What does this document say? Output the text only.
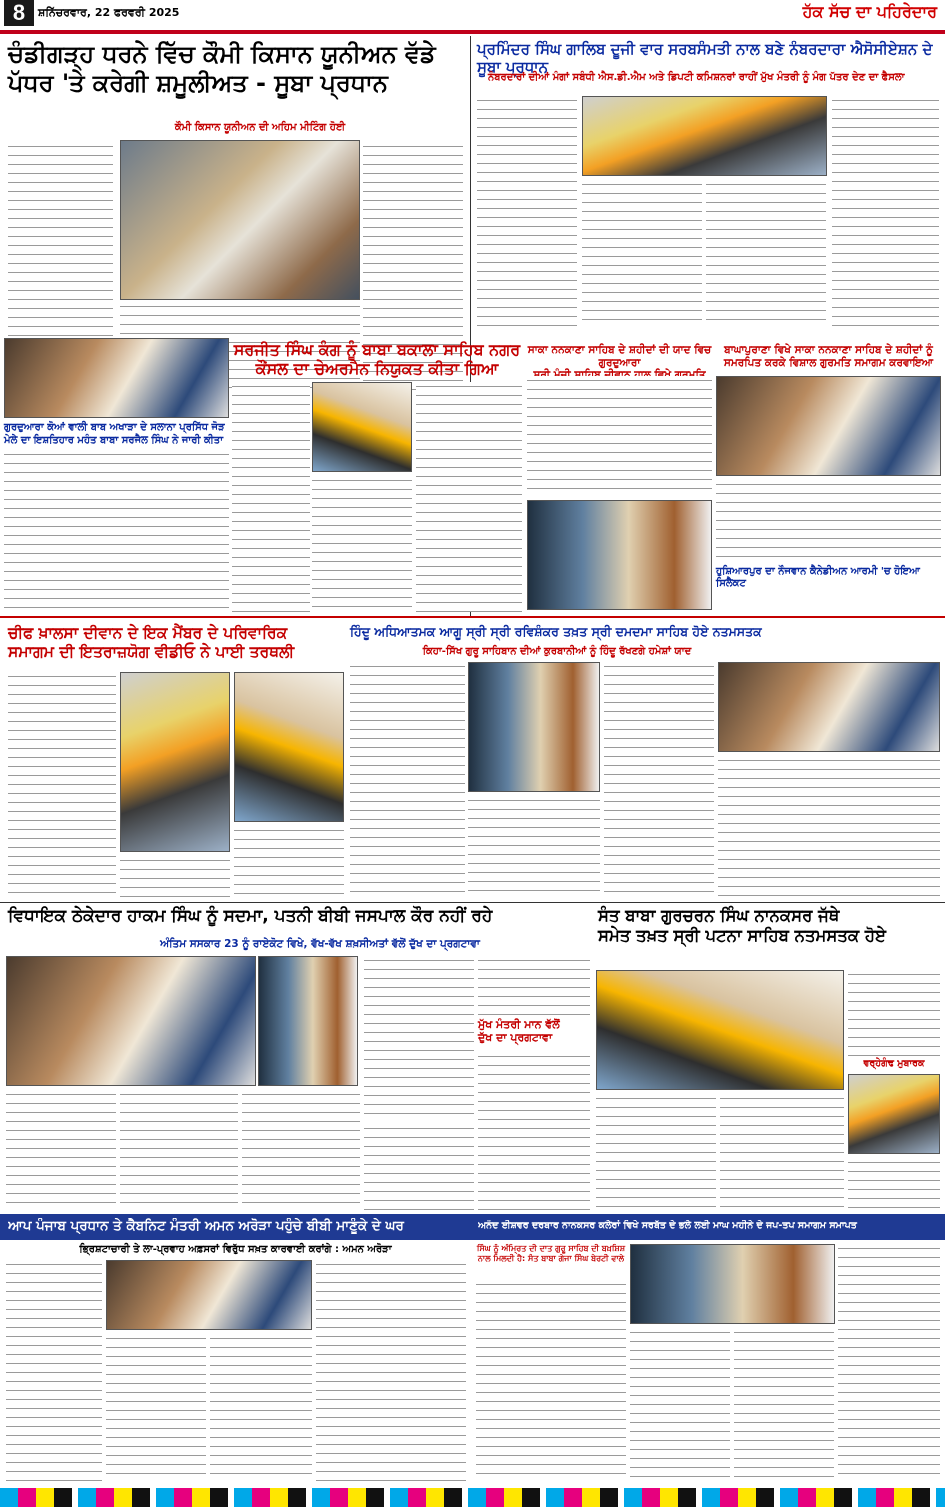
8	ਸ਼ਨਿੱਚਰਵਾਰ, 22 ਫਰਵਰੀ 2025	ਹੱਕ ਸੱਚ ਦਾ ਪਹਿਰੇਦਾਰ
ਚੰਡੀਗੜ੍ਹ ਧਰਨੇ ਵਿੱਚ ਕੌਮੀ ਕਿਸਾਨ ਯੂਨੀਅਨ ਵੱਡੇ
ਪੱਧਰ 'ਤੇ ਕਰੇਗੀ ਸ਼ਮੂਲੀਅਤ - ਸੂਬਾ ਪ੍ਰਧਾਨ
ਕੌਮੀ ਕਿਸਾਨ ਯੂਨੀਅਨ ਦੀ ਅਹਿਮ ਮੀਟਿੰਗ ਹੋਈ
ਪ੍ਰਮਿੰਦਰ ਸਿੰਘ ਗਾਲਿਬ ਦੂਜੀ ਵਾਰ ਸਰਬਸੰਮਤੀ ਨਾਲ ਬਣੇ ਨੰਬਰਦਾਰਾ ਐਸੋਸੀਏਸ਼ਨ ਦੇ ਸੂਬਾ ਪ੍ਰਧਾਨ
ਨੰਬਰਦਾਰਾਂ ਦੀਆਂ ਮੰਗਾਂ ਸਬੰਧੀ ਐਸ.ਡੀ.ਐਮ ਅਤੇ ਡਿਪਟੀ ਕਮਿਸ਼ਨਰਾਂ ਰਾਹੀਂ ਮੁੱਖ ਮੰਤਰੀ ਨੂੰ ਮੰਗ ਪੱਤਰ ਦੇਣ ਦਾ ਫੈਸਲਾ
ਗੁਰਦੁਆਰਾ ਕੋਆਂ ਵਾਲੀ ਬਾਬ ਅਖਾੜਾ ਦੇ ਸਲਾਨਾ ਪ੍ਰਸਿੱਧ ਜੋੜ
ਮੇਲੇ ਦਾ ਇਸ਼ਤਿਹਾਰ ਮਹੰਤ ਬਾਬਾ ਸਰਜੈਲ ਸਿੰਘ ਨੇ ਜਾਰੀ ਕੀਤਾ
ਸਰਜੀਤ ਸਿੰਘ ਕੰਗ ਨੂੰ ਬਾਬਾ ਬਕਾਲਾ ਸਾਹਿਬ ਨਗਰ
ਕੌਂਸਲ ਦਾ ਚੇਅਰਮੈਨ ਨਿਯੁਕਤ ਕੀਤਾ ਗਿਆ
ਸਾਕਾ ਨਨਕਾਣਾ ਸਾਹਿਬ ਦੇ ਸ਼ਹੀਦਾਂ ਦੀ ਯਾਦ ਵਿਚ ਗੁਰਦੁਆਰਾ
ਬਾਘਾਪੁਰਾਣਾ ਵਿਖੇ ਸਾਕਾ ਨਨਕਾਣਾ ਸਾਹਿਬ ਦੇ ਸ਼ਹੀਦਾਂ ਨੂੰ
ਸਮਰਪਿਤ ਕਰਕੇ ਵਿਸ਼ਾਲ ਗੁਰਮਤਿ ਸਮਾਗਮ ਕਰਵਾਇਆ
ਹੁਸ਼ਿਆਰਪੁਰ ਦਾ ਨੌਜਵਾਨ ਕੈਨੇਡੀਅਨ ਆਰਮੀ 'ਚ ਹੋਇਆ ਸਿਲੈਕਟ
ਚੀਫ ਖ਼ਾਲਸਾ ਦੀਵਾਨ ਦੇ ਇਕ ਮੈਂਬਰ ਦੇ ਪਰਿਵਾਰਿਕ
ਸਮਾਗਮ ਦੀ ਇਤਰਾਜ਼ਯੋਗ ਵੀਡੀਓ ਨੇ ਪਾਈ ਤਰਥਲੀ
ਹਿੰਦੂ ਅਧਿਆਤਮਕ ਆਗੂ ਸ੍ਰੀ ਸ੍ਰੀ ਰਵਿਸ਼ੰਕਰ ਤਖ਼ਤ ਸ੍ਰੀ ਦਮਦਮਾ ਸਾਹਿਬ ਹੋਏ ਨਤਮਸਤਕ
ਕਿਹਾ-ਸਿੱਖ ਗੁਰੂ ਸਾਹਿਬਾਨ ਦੀਆਂ ਕੁਰਬਾਨੀਆਂ ਨੂੰ ਹਿੰਦੂ ਰੱਖਣਗੇ ਹਮੇਸ਼ਾਂ ਯਾਦ
ਵਿਧਾਇਕ ਠੇਕੇਦਾਰ ਹਾਕਮ ਸਿੰਘ ਨੂੰ ਸਦਮਾ, ਪਤਨੀ ਬੀਬੀ ਜਸਪਾਲ ਕੌਰ ਨਹੀਂ ਰਹੇ
ਅੰਤਿਮ ਸਸਕਾਰ 23 ਨੂੰ ਰਾਏਕੋਟ ਵਿਖੇ, ਵੱਖ-ਵੱਖ ਸ਼ਖ਼ਸੀਅਤਾਂ ਵੱਲੋਂ ਦੁੱਖ ਦਾ ਪ੍ਰਗਟਾਵਾ
ਮੁੱਖ ਮੰਤਰੀ ਮਾਨ ਵੱਲੋਂ
ਦੁੱਖ ਦਾ ਪ੍ਰਗਟਾਵਾ
ਸੰਤ ਬਾਬਾ ਗੁਰਚਰਨ ਸਿੰਘ ਨਾਨਕਸਰ ਜੱਥੇ
ਸਮੇਤ ਤਖ਼ਤ ਸ੍ਰੀ ਪਟਨਾ ਸਾਹਿਬ ਨਤਮਸਤਕ ਹੋਏ
ਵਰ੍ਹੇਗੰਢ ਮੁਬਾਰਕ
ਆਪ ਪੰਜਾਬ ਪ੍ਰਧਾਨ ਤੇ ਕੈਬਨਿਟ ਮੰਤਰੀ ਅਮਨ ਅਰੋੜਾ ਪਹੁੰਚੇ ਬੀਬੀ ਮਾਣੂੰਕੇ ਦੇ ਘਰ	ਅਨੰਦ ਈਸ਼ਵਰ ਦਰਬਾਰ ਨਾਨਕਸਰ ਕਲੇਰਾਂ ਵਿਖੇ ਸਰਬੱਤ ਦੇ ਭਲੇ ਲਈ ਮਾਘ ਮਹੀਨੇ ਦੇ ਜਪ-ਤਪ ਸਮਾਗਮ ਸਮਾਪਤ
ਭ੍ਰਿਸ਼ਟਾਚਾਰੀ ਤੇ ਲਾ-ਪ੍ਰਵਾਹ ਅਫ਼ਸਰਾਂ ਵਿਰੁੱਧ ਸਖ਼ਤ ਕਾਰਵਾਈ ਕਰਾਂਗੇ : ਅਮਨ ਅਰੋੜਾ	ਸਿੰਘ ਨੂੰ ਅੰਮ੍ਰਿਤ ਦੀ ਦਾਤ ਗੁਰੂ ਸਾਹਿਬ ਦੀ ਬਖ਼ਸ਼ਿਸ਼ ਨਾਲ ਮਿਲਦੀ ਹੈ: ਸੰਤ ਬਾਬਾ ਗੇਜਾ ਸਿੰਘ ਬੇਰਟੀ ਵਾਲੇ
